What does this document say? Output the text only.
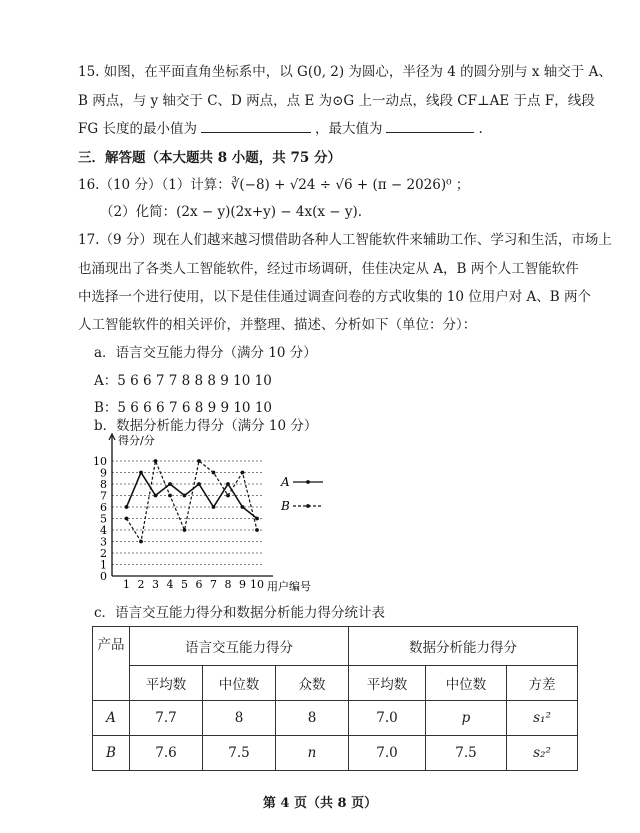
15. 如图，在平面直角坐标系中，以 G(0, 2) 为圆心，半径为 4 的圆分别与 x 轴交于 A、
B 两点，与 y 轴交于 C、D 两点，点 E 为⊙G 上一动点，线段 CF⊥AE 于点 F，线段
FG 长度的最小值为	，最大值为	.
三．解答题（本大题共 8 小题，共 75 分）
16.（10 分）（1）计算：∛(−8) + √24 ÷ √6 + (π − 2026)⁰ ；
（2）化简：(2x − y)(2x+y) − 4x(x − y).
17.（9 分）现在人们越来越习惯借助各种人工智能软件来辅助工作、学习和生活，市场上
也涌现出了各类人工智能软件，经过市场调研，佳佳决定从 A，B 两个人工智能软件
中选择一个进行使用，以下是佳佳通过调查问卷的方式收集的 10 位用户对 A、B 两个
人工智能软件的相关评价，并整理、描述、分析如下（单位：分）：
a．语言交互能力得分（满分 10 分）
A：5 6 6 7 7 8 8 8 9 10 10
B：5 6 6 6 7 6 8 9 9 10 10
b．数据分析能力得分（满分 10 分）
0
1
2
3
4
5
6
7
8
9
10
1 2 3 4 5 6 7 8 9 10
A
B
得分/分
用户编号
c．语言交互能力得分和数据分析能力得分统计表
产品	语言交互能力得分			数据分析能力得分		
	平均数	中位数	众数	平均数	中位数	方差
A	7.7	8	8	7.0	p	s₁²
B	7.6	7.5	n	7.0	7.5	s₂²
第 4 页（共 8 页）
